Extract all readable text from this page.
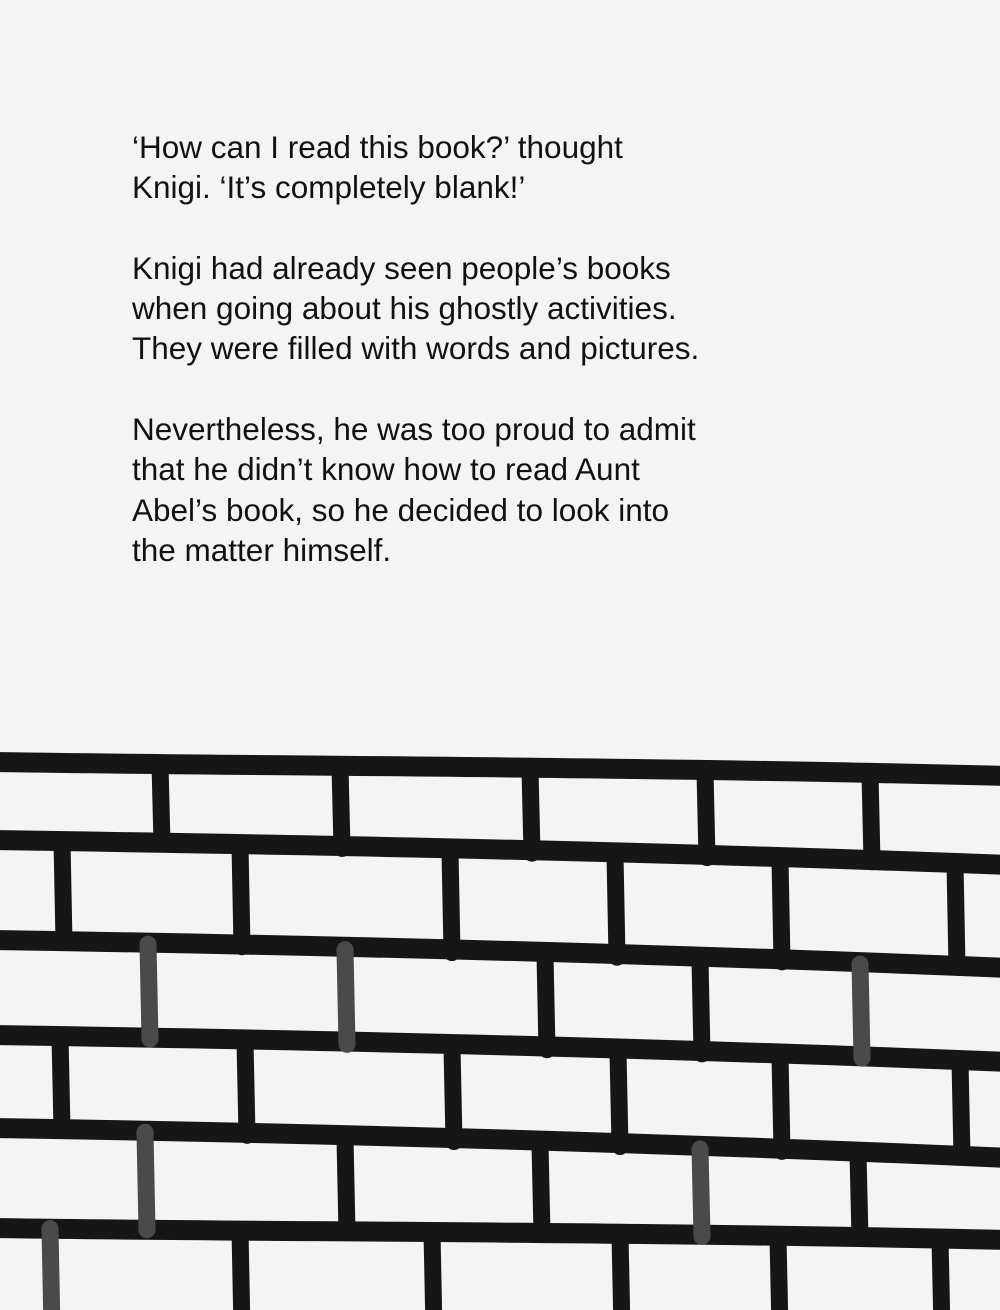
‘How can I read this book?’ thought
Knigi. ‘It’s completely blank!’

Knigi had already seen people’s books
when going about his ghostly activities.
They were filled with words and pictures.

Nevertheless, he was too proud to admit
that he didn’t know how to read Aunt
Abel’s book, so he decided to look into
the matter himself.
